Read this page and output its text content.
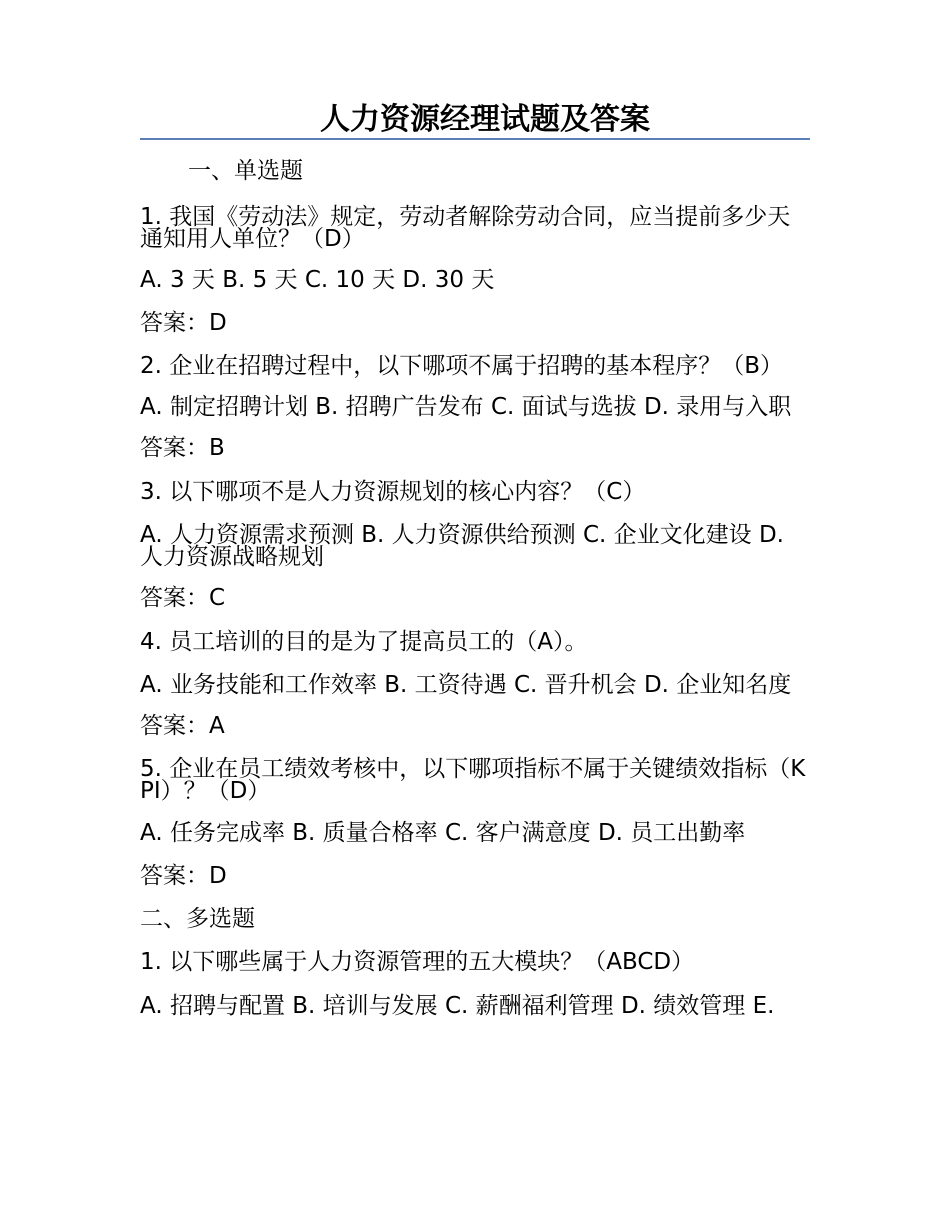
人力资源经理试题及答案

一、单选题

1. 我国《劳动法》规定，劳动者解除劳动合同，应当提前多少天通知用人单位？（D）

A. 3 天 B. 5 天 C. 10 天 D. 30 天

答案：D

2. 企业在招聘过程中，以下哪项不属于招聘的基本程序？（B）

A. 制定招聘计划 B. 招聘广告发布 C. 面试与选拔 D. 录用与入职

答案：B

3. 以下哪项不是人力资源规划的核心内容？（C）

A. 人力资源需求预测 B. 人力资源供给预测 C. 企业文化建设 D. 人力资源战略规划

答案：C

4. 员工培训的目的是为了提高员工的（A）。

A. 业务技能和工作效率 B. 工资待遇 C. 晋升机会 D. 企业知名度

答案：A

5. 企业在员工绩效考核中，以下哪项指标不属于关键绩效指标（KPI）？（D）

A. 任务完成率 B. 质量合格率 C. 客户满意度 D. 员工出勤率

答案：D

二、多选题

1. 以下哪些属于人力资源管理的五大模块？（ABCD）

A. 招聘与配置 B. 培训与发展 C. 薪酬福利管理 D. 绩效管理 E.
